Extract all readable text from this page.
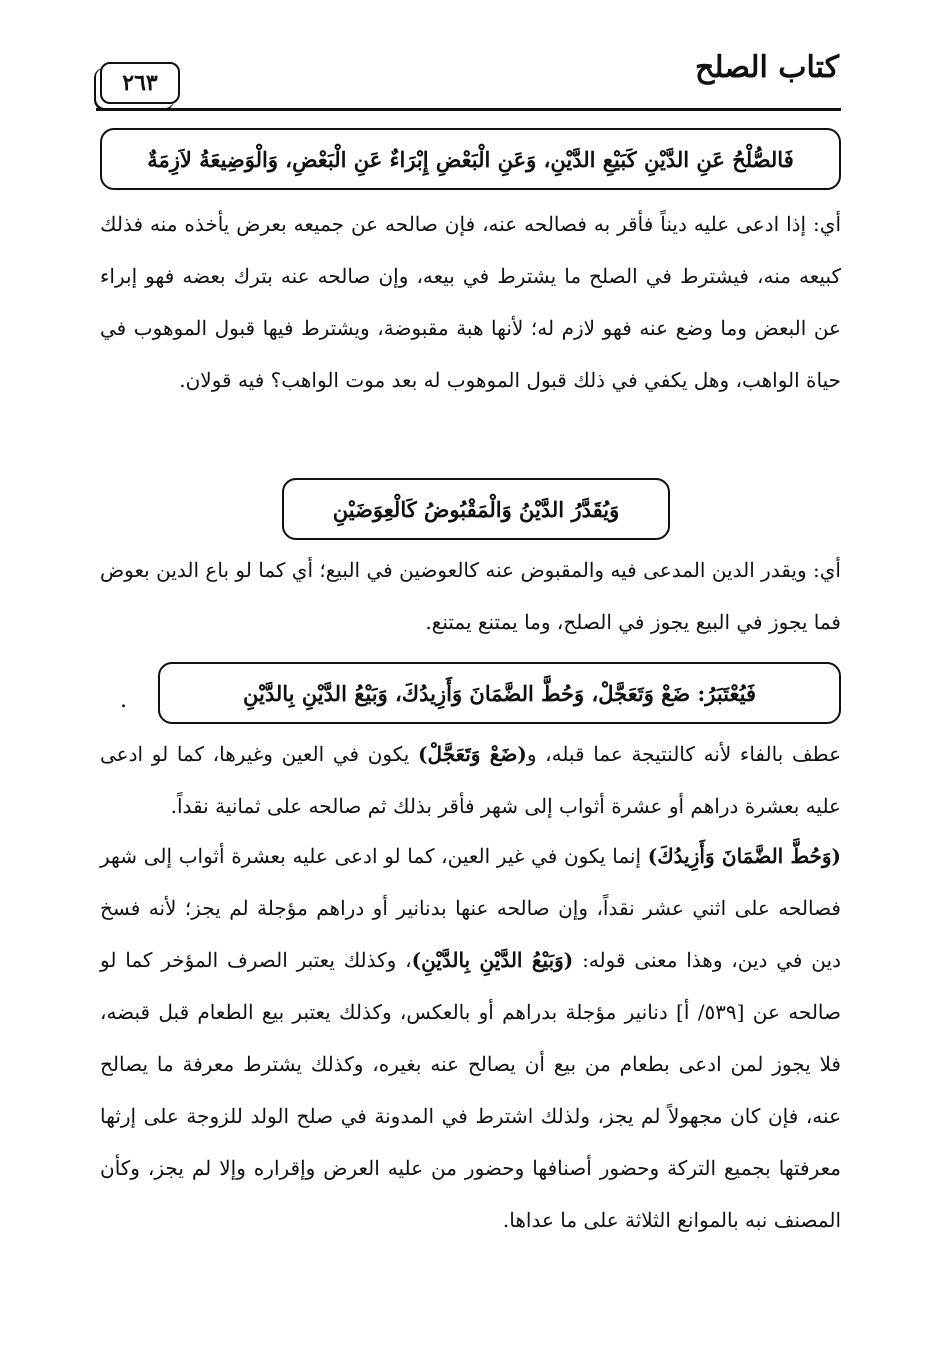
كتاب الصلح
٢٦٣
فَالصُّلْحُ عَنِ الدَّيْنِ كَبَيْعِ الدَّيْنِ، وَعَنِ الْبَعْضِ إِبْرَاءٌ عَنِ الْبَعْضِ، وَالْوَضِيعَةُ لاَزِمَةٌ
أي: إذا ادعى عليه ديناً فأقر به فصالحه عنه، فإن صالحه عن جميعه بعرض يأخذه منه فذلك كبيعه منه، فيشترط في الصلح ما يشترط في بيعه، وإن صالحه عنه بترك بعضه فهو إبراء عن البعض وما وضع عنه فهو لازم له؛ لأنها هبة مقبوضة، ويشترط فيها قبول الموهوب في حياة الواهب، وهل يكفي في ذلك قبول الموهوب له بعد موت الواهب؟ فيه قولان.
وَيُقَدَّرُ الدَّيْنُ وَالْمَقْبُوضُ كَالْعِوَضَيْنِ
أي: ويقدر الدين المدعى فيه والمقبوض عنه كالعوضين في البيع؛ أي كما لو باع الدين بعوض فما يجوز في البيع يجوز في الصلح، وما يمتنع يمتنع.
.	فَيُعْتَبَرُ: ضَعْ وَتَعَجَّلْ، وَحُطَّ الضَّمَانَ وَأَزِيدُكَ، وَبَيْعُ الدَّيْنِ بِالدَّيْنِ
عطف بالفاء لأنه كالنتيجة عما قبله، و(ضَعْ وَتَعَجَّلْ) يكون في العين وغيرها، كما لو ادعى عليه بعشرة دراهم أو عشرة أثواب إلى شهر فأقر بذلك ثم صالحه على ثمانية نقداً.
(وَحُطَّ الضَّمَانَ وَأَزِيدُكَ) إنما يكون في غير العين، كما لو ادعى عليه بعشرة أثواب إلى شهر فصالحه على اثني عشر نقداً، وإن صالحه عنها بدنانير أو دراهم مؤجلة لم يجز؛ لأنه فسخ دين في دين، وهذا معنى قوله: (وَبَيْعُ الدَّيْنِ بِالدَّيْنِ)، وكذلك يعتبر الصرف المؤخر كما لو صالحه عن [٥٣٩/ أ] دنانير مؤجلة بدراهم أو بالعكس، وكذلك يعتبر بيع الطعام قبل قبضه، فلا يجوز لمن ادعى بطعام من بيع أن يصالح عنه بغيره، وكذلك يشترط معرفة ما يصالح عنه، فإن كان مجهولاً لم يجز، ولذلك اشترط في المدونة في صلح الولد للزوجة على إرثها معرفتها بجميع التركة وحضور أصنافها وحضور من عليه العرض وإقراره وإلا لم يجز، وكأن المصنف نبه بالموانع الثلاثة على ما عداها.
